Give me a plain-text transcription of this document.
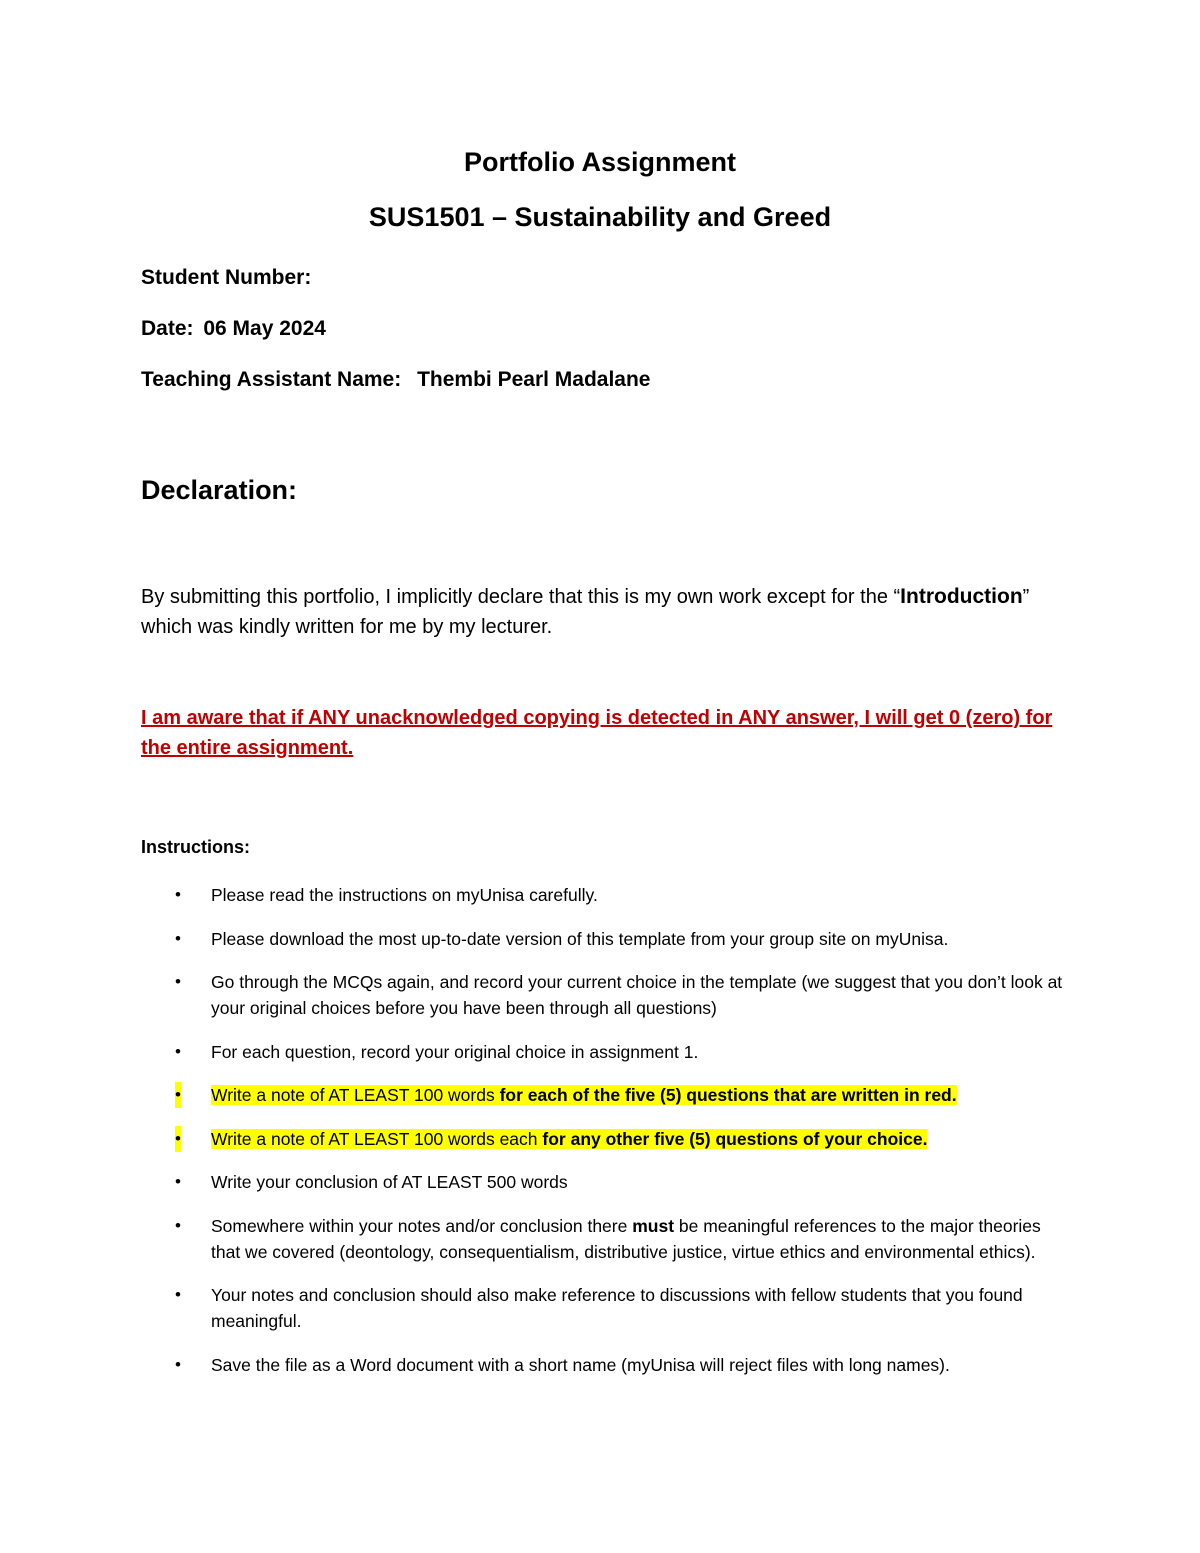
Portfolio Assignment
SUS1501 – Sustainability and Greed
Student Number:
Date: 06 May 2024
Teaching Assistant Name: Thembi Pearl Madalane
Declaration:
By submitting this portfolio, I implicitly declare that this is my own work except for the “Introduction” which was kindly written for me by my lecturer.
I am aware that if ANY unacknowledged copying is detected in ANY answer, I will get 0 (zero) for the entire assignment.
Instructions:
• Please read the instructions on myUnisa carefully.
• Please download the most up-to-date version of this template from your group site on myUnisa.
• Go through the MCQs again, and record your current choice in the template (we suggest that you don’t look at your original choices before you have been through all questions)
• For each question, record your original choice in assignment 1.
• Write a note of AT LEAST 100 words for each of the five (5) questions that are written in red.
• Write a note of AT LEAST 100 words each for any other five (5) questions of your choice.
• Write your conclusion of AT LEAST 500 words
• Somewhere within your notes and/or conclusion there must be meaningful references to the major theories that we covered (deontology, consequentialism, distributive justice, virtue ethics and environmental ethics).
• Your notes and conclusion should also make reference to discussions with fellow students that you found meaningful.
• Save the file as a Word document with a short name (myUnisa will reject files with long names).
